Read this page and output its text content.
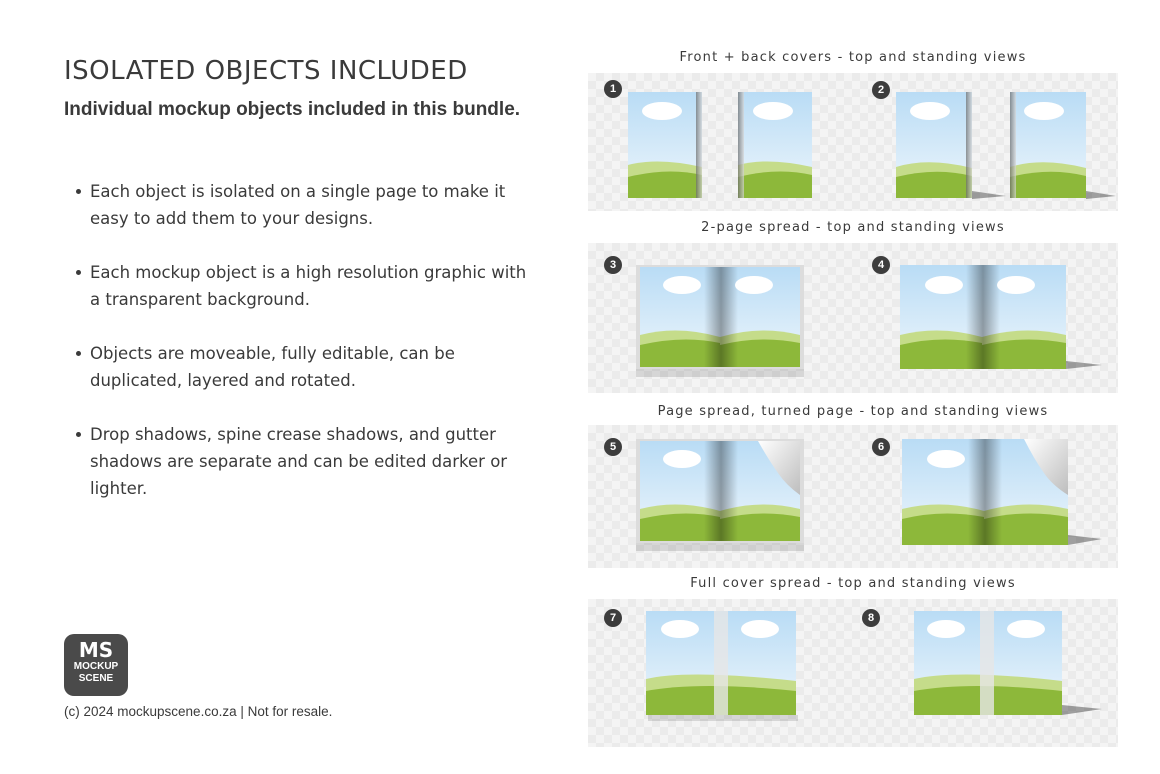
ISOLATED OBJECTS INCLUDED
Individual mockup objects included in this bundle.
Each object is isolated on a single page to make it easy to add them to your designs.
Each mockup object is a high resolution graphic with a transparent background.
Objects are moveable, fully editable, can be duplicated, layered and rotated.
Drop shadows, spine crease shadows, and gutter shadows are separate and can be edited darker or lighter.
MS
MOCKUP
SCENE

(c) 2024 mockupscene.co.za | Not for resale.

Front + back covers - top and standing views
1	2
2-page spread - top and standing views
3	4
Page spread, turned page - top and standing views
5	6
Full cover spread - top and standing views
7	8
